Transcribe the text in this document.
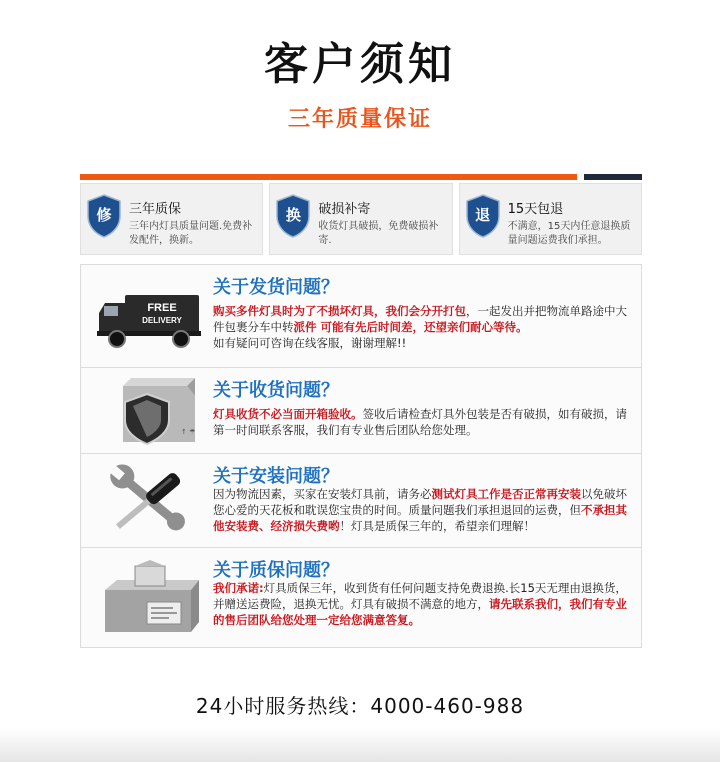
客户须知
三年质量保证
修	三年质保
三年内灯具质量问题.免费补发配件，换新。
换	破损补寄
收货灯具破损，免费破损补寄.
退	15天包退
不满意，15天内任意退换质量问题运费我们承担。
FREE
DELIVERY
关于发货问题？
购买多件灯具时为了不损坏灯具，我们会分开打包，一起发出并把物流单路途中大件包裹分车中转派件 可能有先后时间差，还望亲们耐心等待。
如有疑问可咨询在线客服，谢谢理解!!
↑ ☂
关于收货问题？
灯具收货不必当面开箱验收。签收后请检查灯具外包装是否有破损，如有破损，请第一时间联系客服，我们有专业售后团队给您处理。
关于安装问题？
因为物流因素，买家在安装灯具前，请务必测试灯具工作是否正常再安装以免破坏您心爱的天花板和耽误您宝贵的时间。质量问题我们承担退回的运费，但不承担其他安装费、经济损失费哟！灯具是质保三年的，希望亲们理解！
关于质保问题？
我们承诺:灯具质保三年，收到货有任何问题支持免费退换.长15天无理由退换货，并赠送运费险，退换无忧。灯具有破损不满意的地方，请先联系我们，我们有专业的售后团队给您处理一定给您满意答复。
24小时服务热线：4000-460-988
